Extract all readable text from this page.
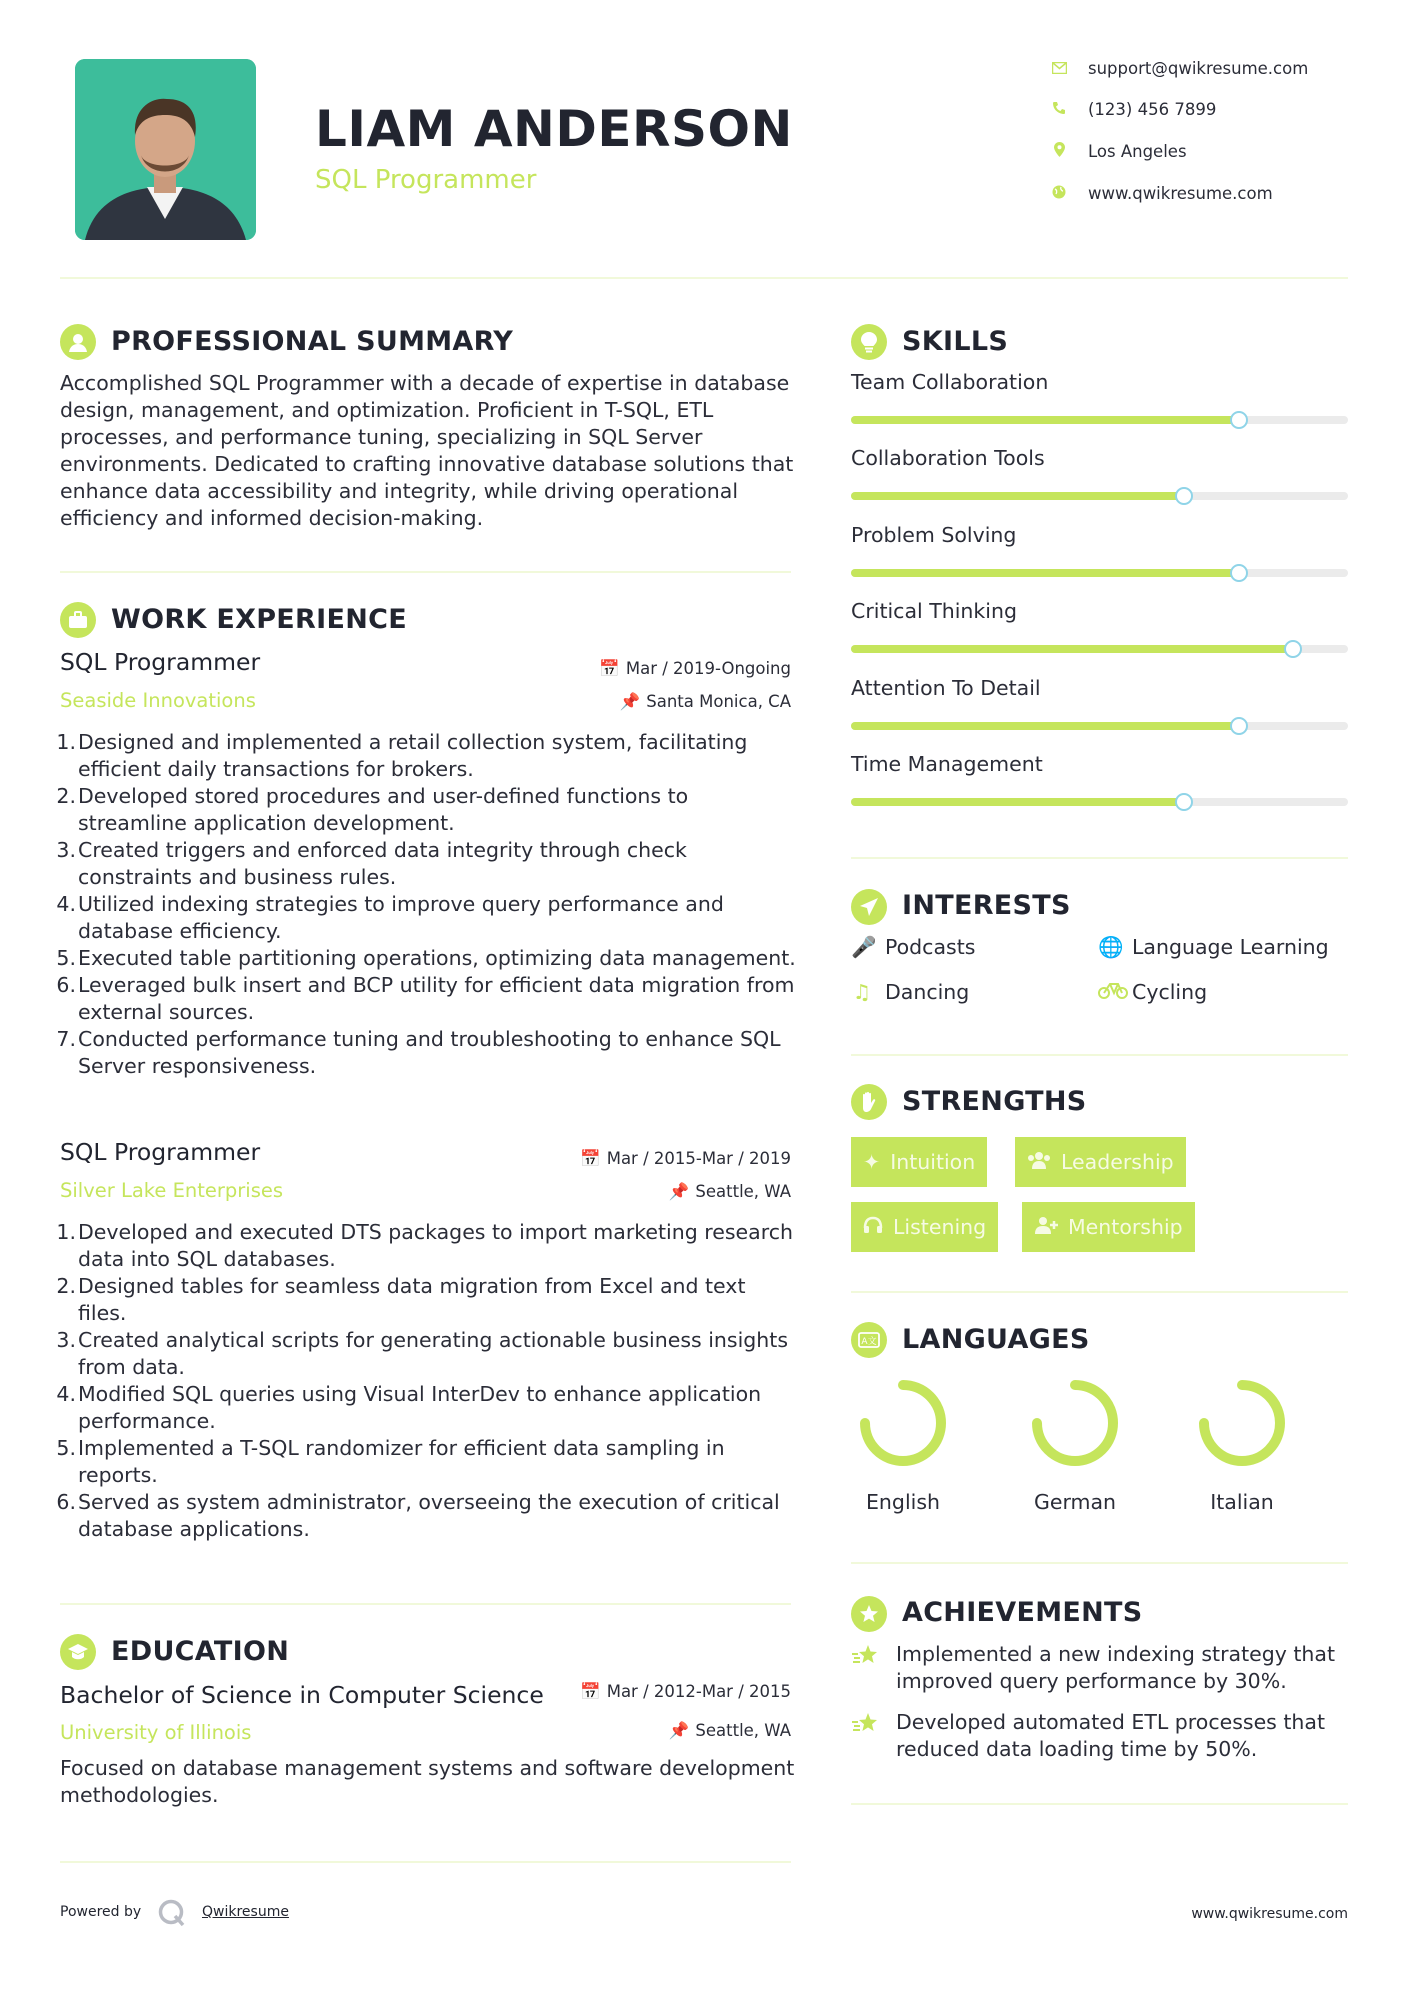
LIAM ANDERSON
SQL Programmer
support@qwikresume.com
(123) 456 7899
Los Angeles
www.qwikresume.com
PROFESSIONAL SUMMARY
Accomplished SQL Programmer with a decade of expertise in database design, management, and optimization. Proficient in T-SQL, ETL processes, and performance tuning, specializing in SQL Server environments. Dedicated to crafting innovative database solutions that enhance data accessibility and integrity, while driving operational efficiency and informed decision-making.
WORK EXPERIENCE
SQL Programmer
Seaside Innovations
📅 Mar / 2019-Ongoing
📌 Santa Monica, CA
Designed and implemented a retail collection system, facilitating efficient daily transactions for brokers.
Developed stored procedures and user-defined functions to streamline application development.
Created triggers and enforced data integrity through check constraints and business rules.
Utilized indexing strategies to improve query performance and database efficiency.
Executed table partitioning operations, optimizing data management.
Leveraged bulk insert and BCP utility for efficient data migration from external sources.
Conducted performance tuning and troubleshooting to enhance SQL Server responsiveness.
SQL Programmer
Silver Lake Enterprises
📅 Mar / 2015-Mar / 2019
📌 Seattle, WA
Developed and executed DTS packages to import marketing research data into SQL databases.
Designed tables for seamless data migration from Excel and text files.
Created analytical scripts for generating actionable business insights from data.
Modified SQL queries using Visual InterDev to enhance application performance.
Implemented a T-SQL randomizer for efficient data sampling in reports.
Served as system administrator, overseeing the execution of critical database applications.
EDUCATION
Bachelor of Science in Computer Science
University of Illinois
📅 Mar / 2012-Mar / 2015
📌 Seattle, WA
Focused on database management systems and software development methodologies.
SKILLS
Team Collaboration
Collaboration Tools
Problem Solving
Critical Thinking
Attention To Detail
Time Management
INTERESTS
🎤 Podcasts	🌐 Language Learning
♫ Dancing	Cycling
STRENGTHS
✦ Intuition	Leadership
Listening	Mentorship
A文 LANGUAGES
English	German	Italian
ACHIEVEMENTS
Implemented a new indexing strategy that improved query performance by 30%.
Developed automated ETL processes that reduced data loading time by 50%.
Powered by	Qwikresume	www.qwikresume.com
